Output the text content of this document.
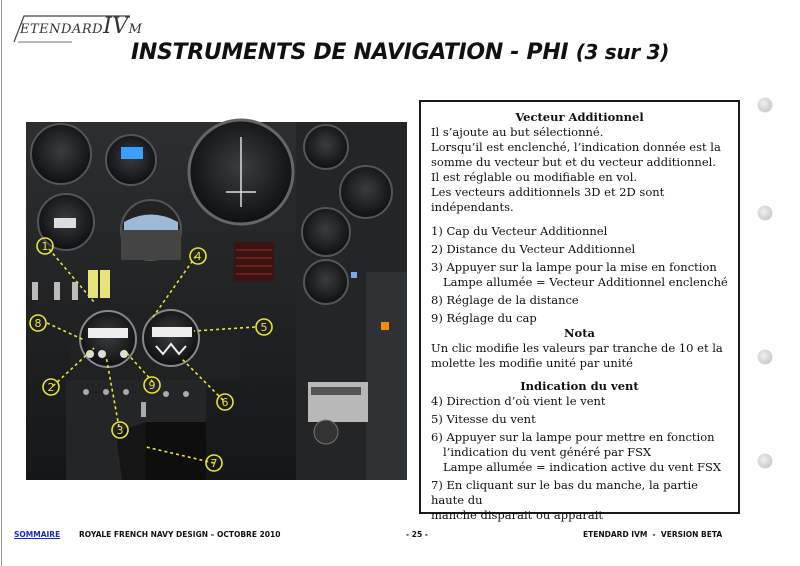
ETENDARDIVM
INSTRUMENTS DE NAVIGATION - PHI (3 sur 3)
1
4
8	5
2	9
6
3
7

Vecteur Additionnel

Il s’ajoute au but sélectionné.

Lorsqu’il est enclenché, l’indication donnée est la

somme du vecteur but et du vecteur additionnel.

Il est réglable ou modifiable en vol.

Les vecteurs additionnels 3D et 2D sont indépendants.

1) Cap du Vecteur Additionnel

2) Distance du Vecteur Additionnel

3) Appuyer sur la lampe pour la mise en fonction

Lampe allumée = Vecteur Additionnel enclenché

8) Réglage de la distance

9) Réglage du cap

Nota

Un clic modifie les valeurs par tranche de 10 et la

molette les modifie unité par unité

Indication du vent

4) Direction d’où vient le vent

5) Vitesse du vent

6) Appuyer sur la lampe pour mettre en fonction

l’indication du vent généré par FSX

Lampe allumée = indication active du vent FSX

7) En cliquant sur le bas du manche, la partie haute du

manche disparait ou apparait

SOMMAIRE	ROYALE FRENCH NAVY DESIGN – OCTOBRE 2010	- 25 -	ETENDARD IVM  -  VERSION BETA
